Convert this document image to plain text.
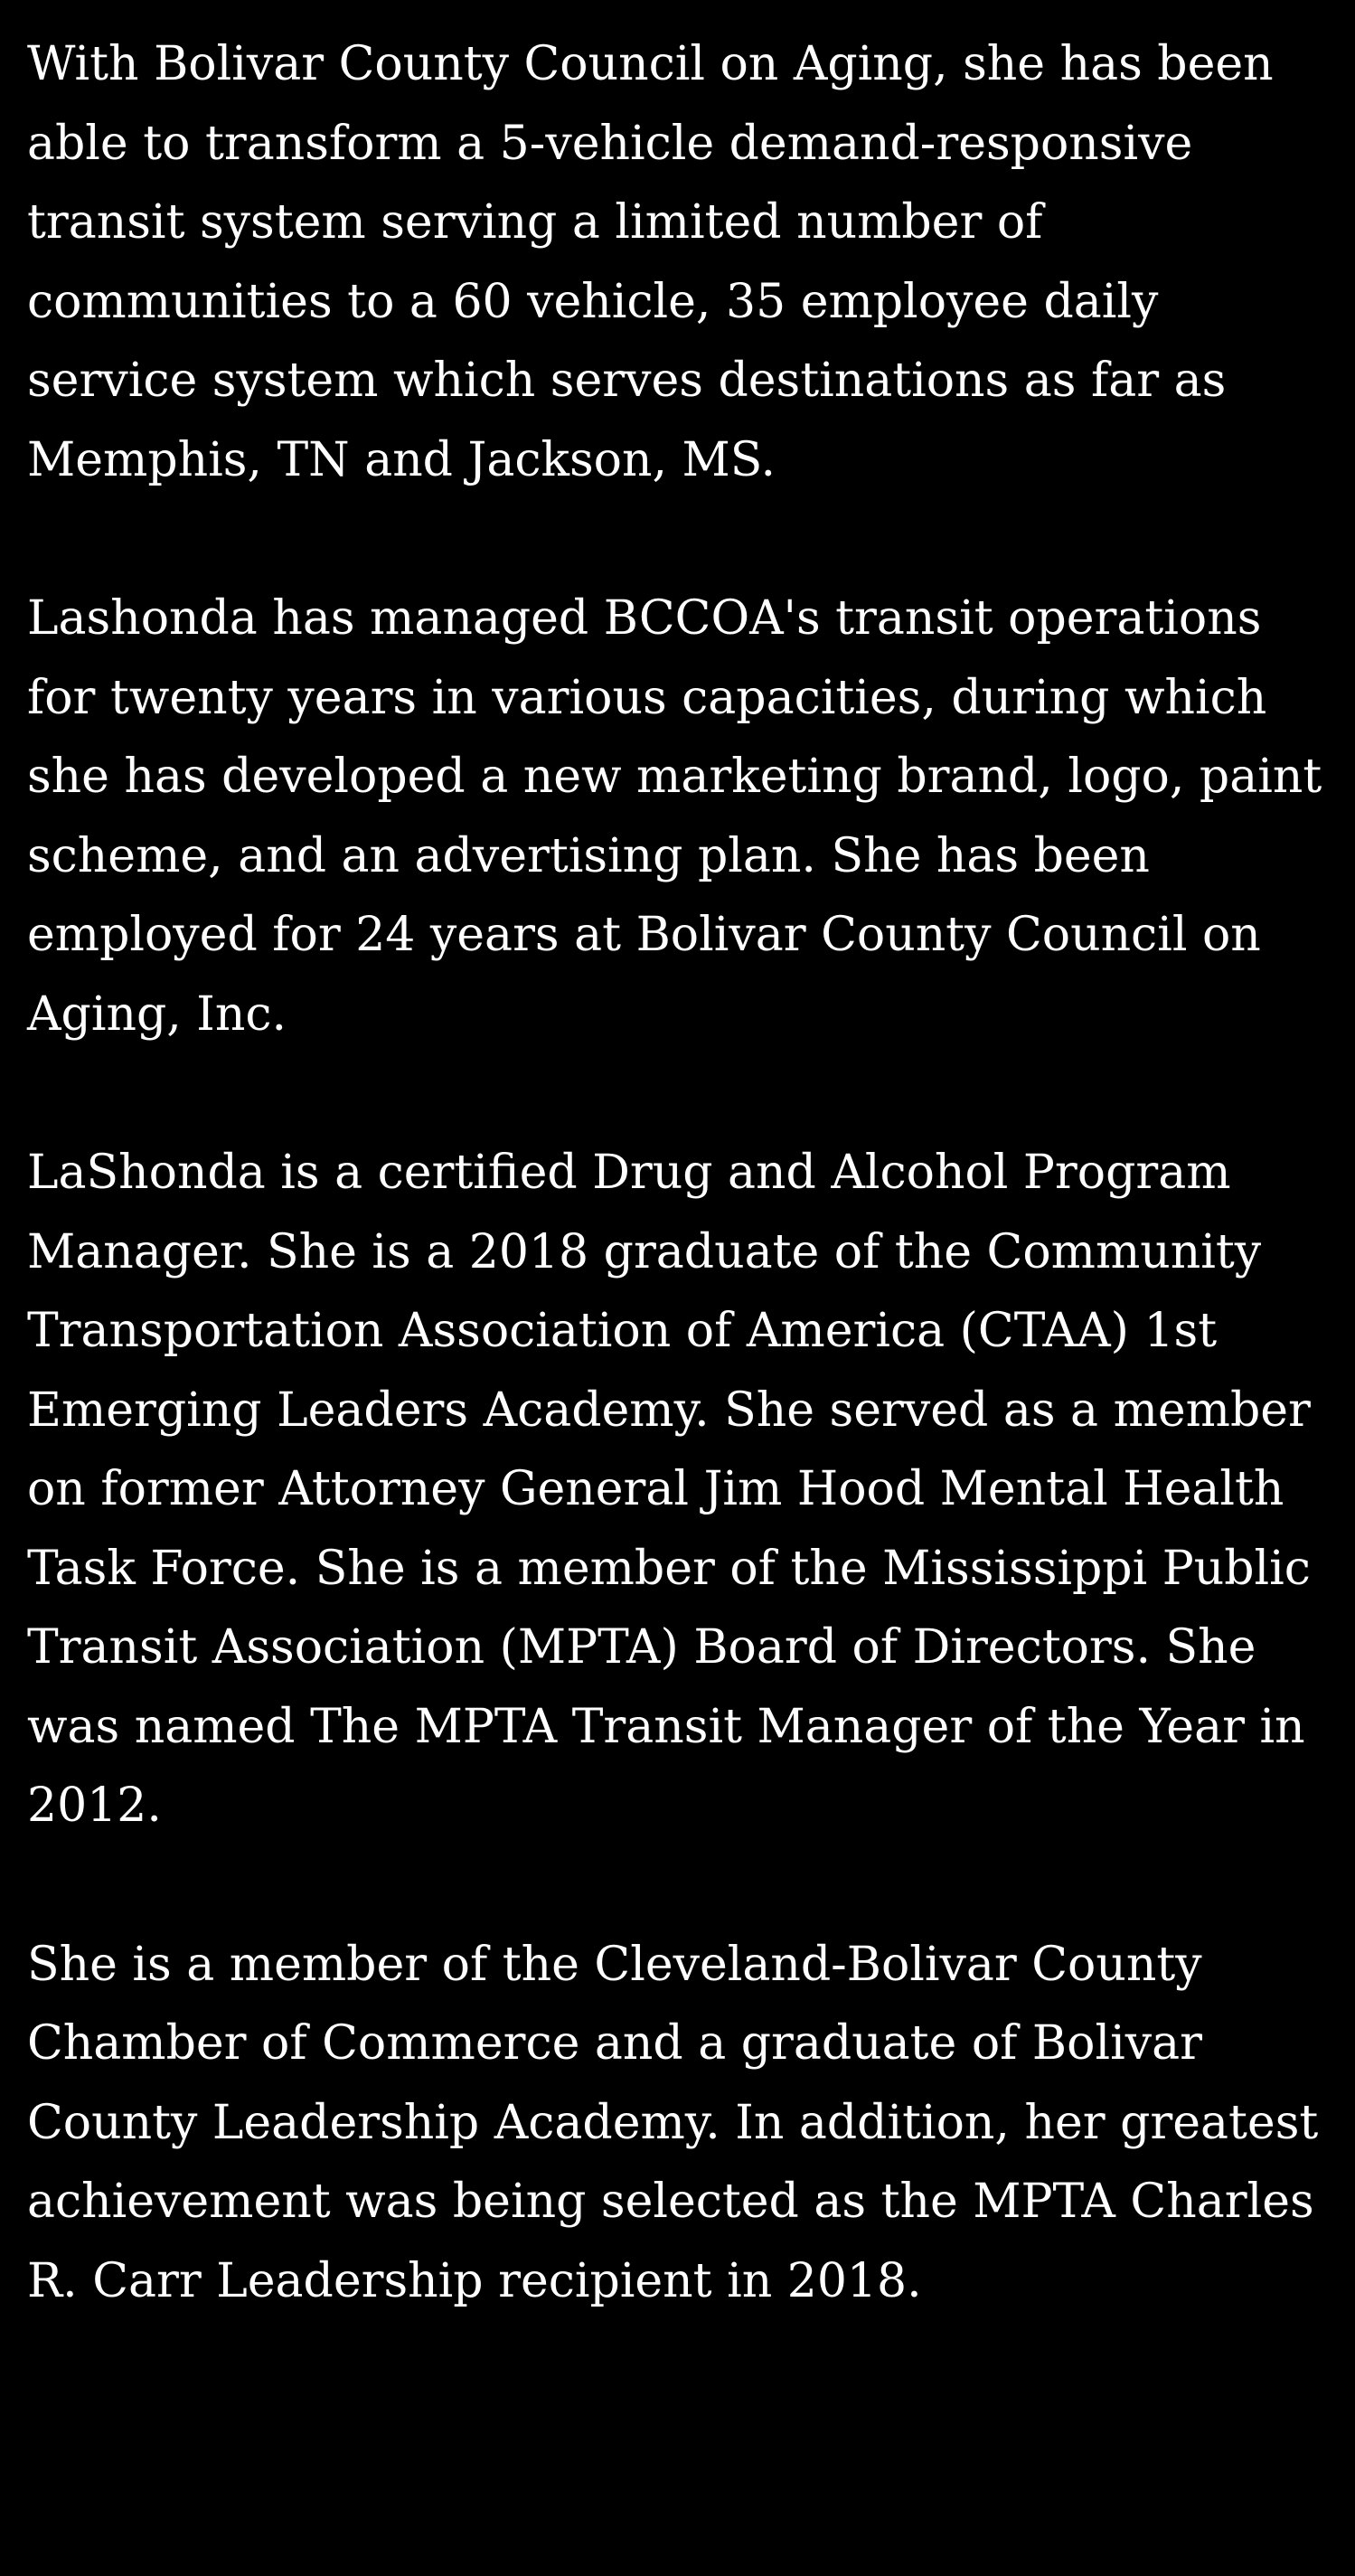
With Bolivar County Council on Aging, she has been able to transform a 5-vehicle demand-responsive transit system serving a limited number of communities to a 60 vehicle, 35 employee daily service system which serves destinations as far as Memphis, TN and Jackson, MS.

Lashonda has managed BCCOA's transit operations for twenty years in various capacities, during which she has developed a new marketing brand, logo, paint scheme, and an advertising plan. She has been employed for 24 years at Bolivar County Council on Aging, Inc.

LaShonda is a certified Drug and Alcohol Program Manager. She is a 2018 graduate of the Community Transportation Association of America (CTAA) 1st Emerging Leaders Academy. She served as a member on former Attorney General Jim Hood Mental Health Task Force. She is a member of the Mississippi Public Transit Association (MPTA) Board of Directors. She was named The MPTA Transit Manager of the Year in 2012.

She is a member of the Cleveland-Bolivar County Chamber of Commerce and a graduate of Bolivar County Leadership Academy. In addition, her greatest achievement was being selected as the MPTA Charles R. Carr Leadership recipient in 2018.
